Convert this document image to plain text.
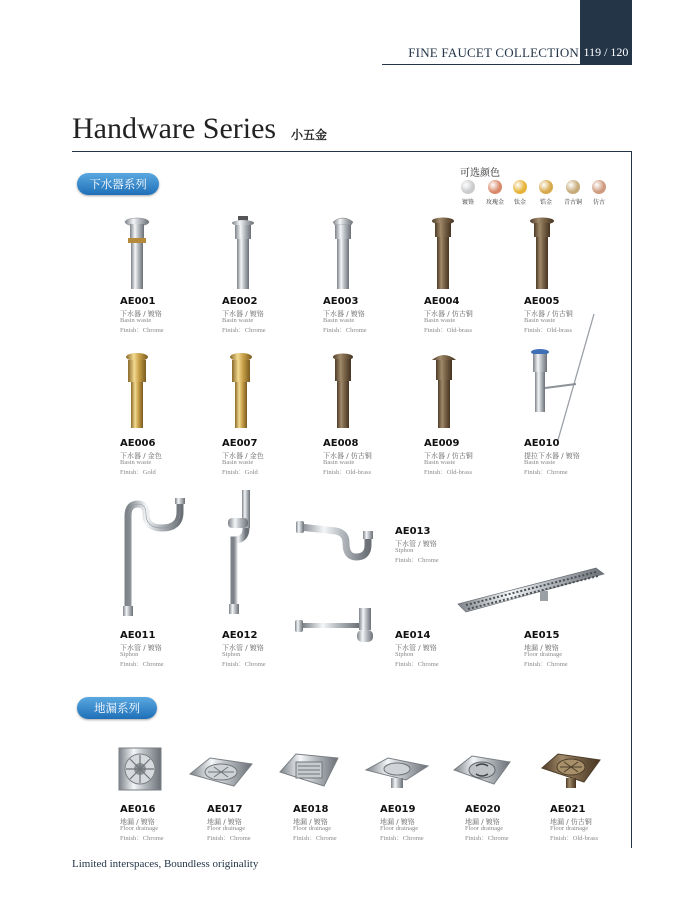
FINE FAUCET COLLECTION 119 / 120
Handware Series 小五金
下水器系列
地漏系列
可选颜色
镀铬	玫瑰金	钛金	锆金	青古铜	仿古
AE001
下水器 / 镀铬
Basin waste
Finish：Chrome
AE002
下水器 / 镀铬
Basin waste
Finish：Chrome
AE003
下水器 / 镀铬
Basin waste
Finish：Chrome
AE004
下水器 / 仿古铜
Basin waste
Finish：Old-brass
AE005
下水器 / 仿古铜
Basin waste
Finish：Old-brass
AE006
下水器 / 金色
Basin waste
Finish：Gold
AE007
下水器 / 金色
Basin waste
Finish：Gold
AE008
下水器 / 仿古铜
Basin waste
Finish：Old-brass
AE009
下水器 / 仿古铜
Basin waste
Finish：Old-brass
AE010
提拉下水器 / 镀铬
Basin waste
Finish：Chrome
AE011
下水管 / 镀铬
Siphon
Finish：Chrome
AE012
下水管 / 镀铬
Siphon
Finish：Chrome
AE013
下水管 / 镀铬
Siphon
Finish：Chrome
AE014
下水管 / 镀铬
Siphon
Finish：Chrome
AE015
地漏 / 镀铬
Floor drainage
Finish：Chrome
AE016
地漏 / 镀铬
Floor drainage
Finish：Chrome
AE017
地漏 / 镀铬
Floor drainage
Finish：Chrome
AE018
地漏 / 镀铬
Floor drainage
Finish：Chrome
AE019
地漏 / 镀铬
Floor drainage
Finish：Chrome
AE020
地漏 / 镀铬
Floor drainage
Finish：Chrome
AE021
地漏 / 仿古铜
Floor drainage
Finish：Old-brass
Limited interspaces, Boundless originality
